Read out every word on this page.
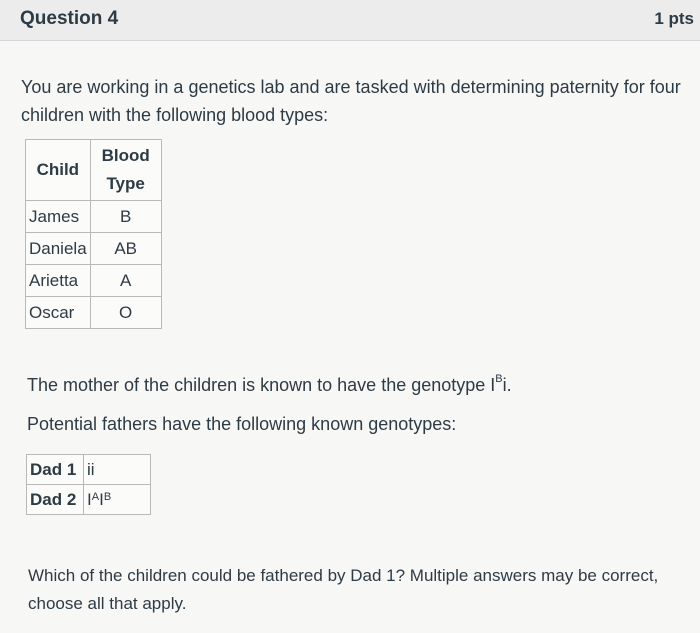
Question 4	1 pts
You are working in a genetics lab and are tasked with determining paternity for four children with the following blood types:
Child	Blood Type
James	B
Daniela	AB
Arietta	A
Oscar	O
The mother of the children is known to have the genotype $I^Bi$.
Potential fathers have the following known genotypes:
Dad 1	ii
Dad 2	$I^AI^B$
Which of the children could be fathered by Dad 1? Multiple answers may be correct, choose all that apply.
